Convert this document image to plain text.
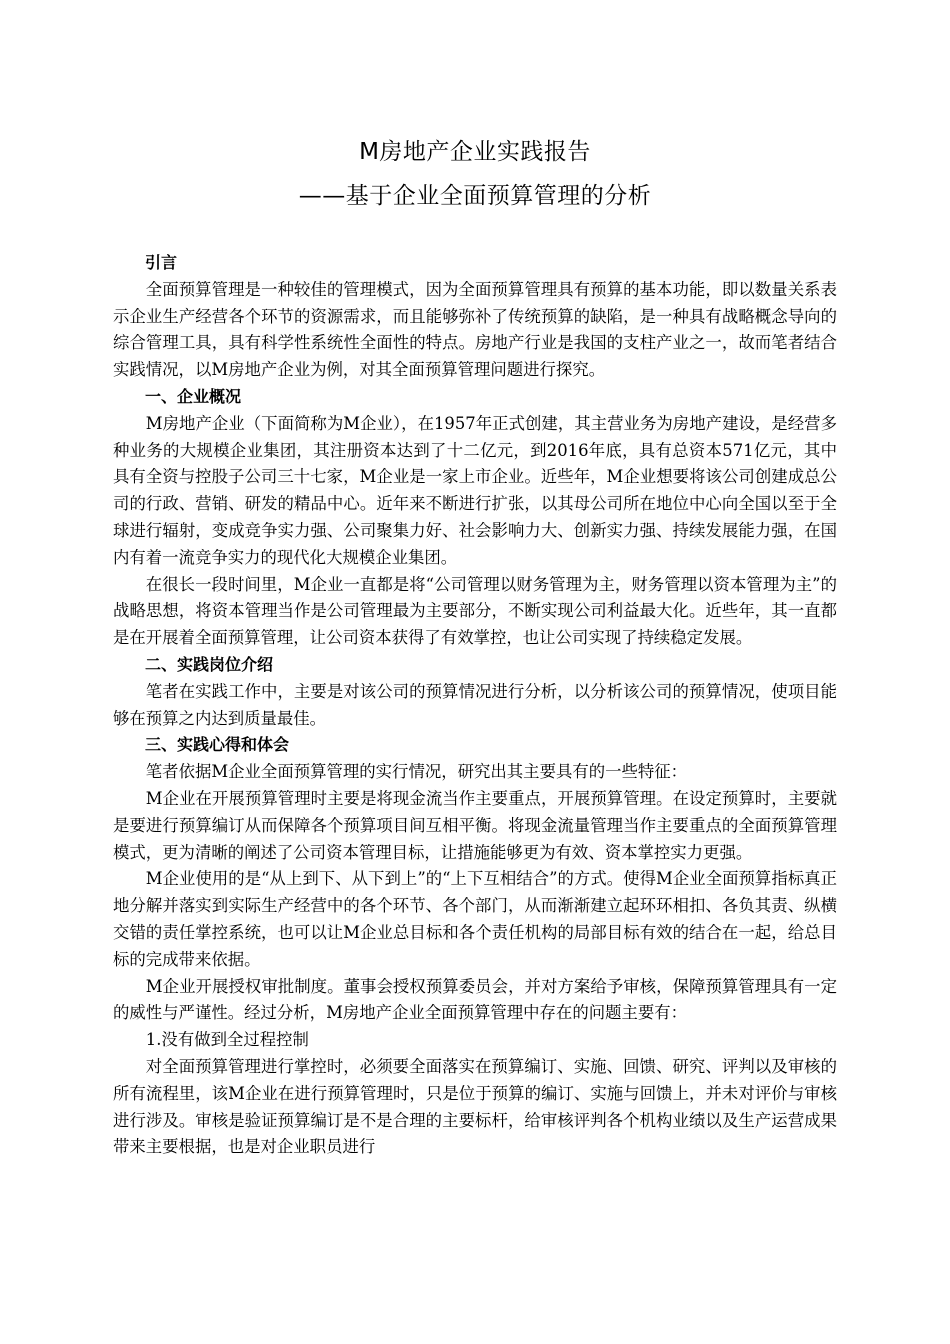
M房地产企业实践报告
——基于企业全面预算管理的分析

引言

全面预算管理是一种较佳的管理模式，因为全面预算管理具有预算的基本功能，即以数量关系表示企业生产经营各个环节的资源需求，而且能够弥补了传统预算的缺陷，是一种具有战略概念导向的综合管理工具，具有科学性系统性全面性的特点。房地产行业是我国的支柱产业之一，故而笔者结合实践情况，以M房地产企业为例，对其全面预算管理问题进行探究。

一、企业概况

M房地产企业（下面简称为M企业），在1957年正式创建，其主营业务为房地产建设，是经营多种业务的大规模企业集团，其注册资本达到了十二亿元，到2016年底，具有总资本571亿元，其中具有全资与控股子公司三十七家，M企业是一家上市企业。近些年，M企业想要将该公司创建成总公司的行政、营销、研发的精品中心。近年来不断进行扩张，以其母公司所在地位中心向全国以至于全球进行辐射，变成竞争实力强、公司聚集力好、社会影响力大、创新实力强、持续发展能力强，在国内有着一流竞争实力的现代化大规模企业集团。

在很长一段时间里，M企业一直都是将“公司管理以财务管理为主，财务管理以资本管理为主”的战略思想，将资本管理当作是公司管理最为主要部分，不断实现公司利益最大化。近些年，其一直都是在开展着全面预算管理，让公司资本获得了有效掌控，也让公司实现了持续稳定发展。

二、实践岗位介绍

笔者在实践工作中，主要是对该公司的预算情况进行分析，以分析该公司的预算情况，使项目能够在预算之内达到质量最佳。

三、实践心得和体会

笔者依据M企业全面预算管理的实行情况，研究出其主要具有的一些特征：

M企业在开展预算管理时主要是将现金流当作主要重点，开展预算管理。在设定预算时，主要就是要进行预算编订从而保障各个预算项目间互相平衡。将现金流量管理当作主要重点的全面预算管理模式，更为清晰的阐述了公司资本管理目标，让措施能够更为有效、资本掌控实力更强。

M企业使用的是“从上到下、从下到上”的“上下互相结合”的方式。使得M企业全面预算指标真正地分解并落实到实际生产经营中的各个环节、各个部门，从而渐渐建立起环环相扣、各负其责、纵横交错的责任掌控系统，也可以让M企业总目标和各个责任机构的局部目标有效的结合在一起，给总目标的完成带来依据。

M企业开展授权审批制度。董事会授权预算委员会，并对方案给予审核，保障预算管理具有一定的威性与严谨性。经过分析，M房地产企业全面预算管理中存在的问题主要有：

1.没有做到全过程控制

对全面预算管理进行掌控时，必须要全面落实在预算编订、实施、回馈、研究、评判以及审核的所有流程里，该M企业在进行预算管理时，只是位于预算的编订、实施与回馈上，并未对评价与审核进行涉及。审核是验证预算编订是不是合理的主要标杆，给审核评判各个机构业绩以及生产运营成果带来主要根据，也是对企业职员进行
